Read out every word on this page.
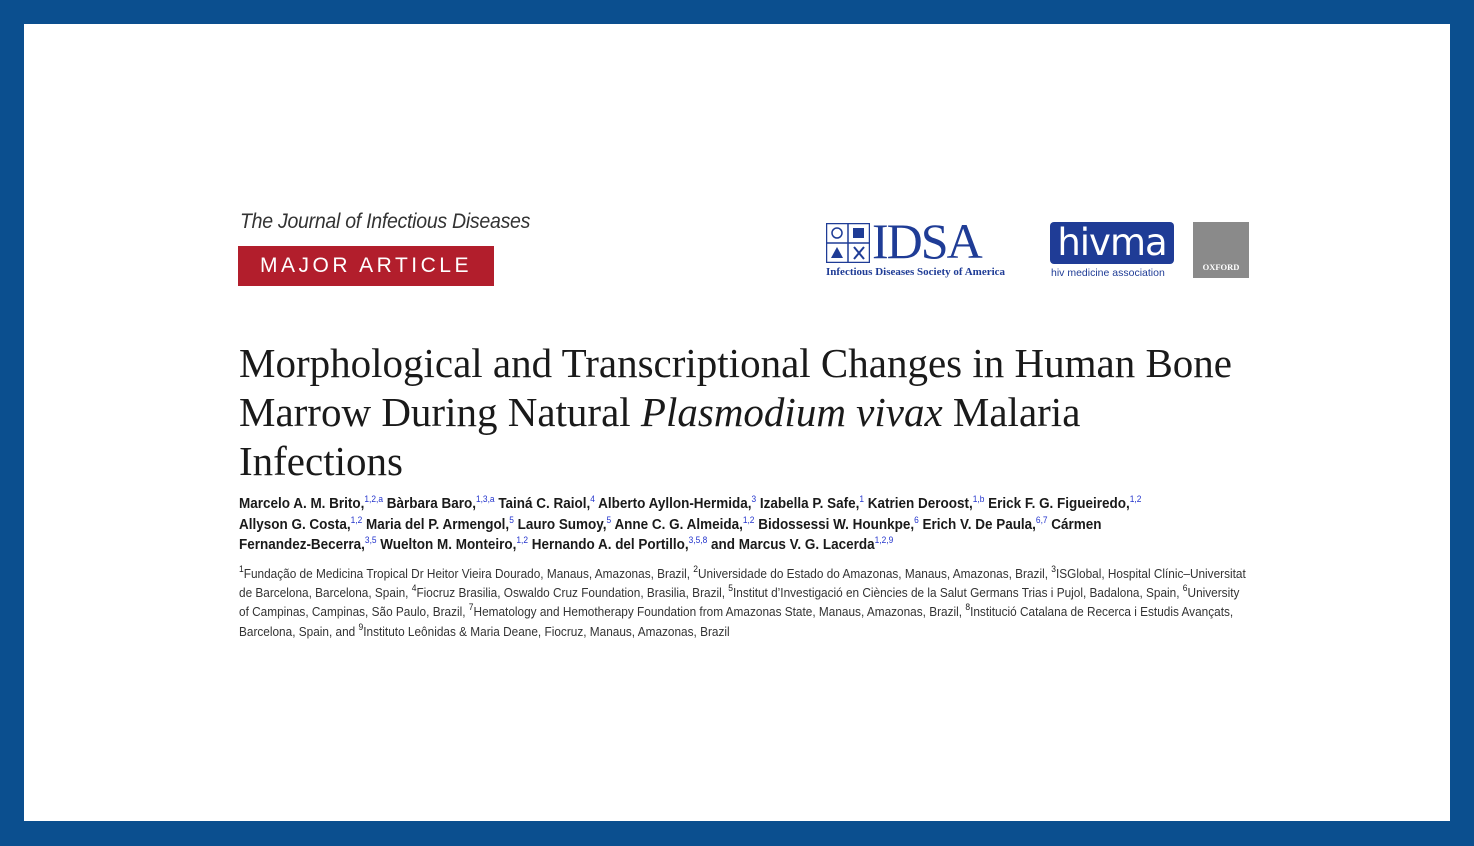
The Journal of Infectious Diseases
MAJOR ARTICLE	IDSA
Infectious Diseases Society of America
hivma
hiv medicine association	OXFORD
Morphological and Transcriptional Changes in Human Bone Marrow During Natural Plasmodium vivax Malaria Infections
Marcelo A. M. Brito,$^{1,2,a}$ Bàrbara Baro,$^{1,3,a}$ Tainá C. Raiol,$^4$ Alberto Ayllon-Hermida,$^3$ Izabella P. Safe,$^1$ Katrien Deroost,$^{1,b}$ Erick F. G. Figueiredo,$^{1,2}$ Allyson G. Costa,$^{1,2}$ Maria del P. Armengol,$^5$ Lauro Sumoy,$^5$ Anne C. G. Almeida,$^{1,2}$ Bidossessi W. Hounkpe,$^6$ Erich V. De Paula,$^{6,7}$ Cármen Fernandez-Becerra,$^{3,5}$ Wuelton M. Monteiro,$^{1,2}$ Hernando A. del Portillo,$^{3,5,8}$ and Marcus V. G. Lacerda$^{1,2,9}$
$^1$Fundação de Medicina Tropical Dr Heitor Vieira Dourado, Manaus, Amazonas, Brazil, $^2$Universidade do Estado do Amazonas, Manaus, Amazonas, Brazil, $^3$ISGlobal, Hospital Clínic–Universitat de Barcelona, Barcelona, Spain, $^4$Fiocruz Brasilia, Oswaldo Cruz Foundation, Brasilia, Brazil, $^5$Institut d’Investigació en Ciències de la Salut Germans Trias i Pujol, Badalona, Spain, $^6$University of Campinas, Campinas, São Paulo, Brazil, $^7$Hematology and Hemotherapy Foundation from Amazonas State, Manaus, Amazonas, Brazil, $^8$Institució Catalana de Recerca i Estudis Avançats, Barcelona, Spain, and $^9$Instituto Leônidas & Maria Deane, Fiocruz, Manaus, Amazonas, Brazil
